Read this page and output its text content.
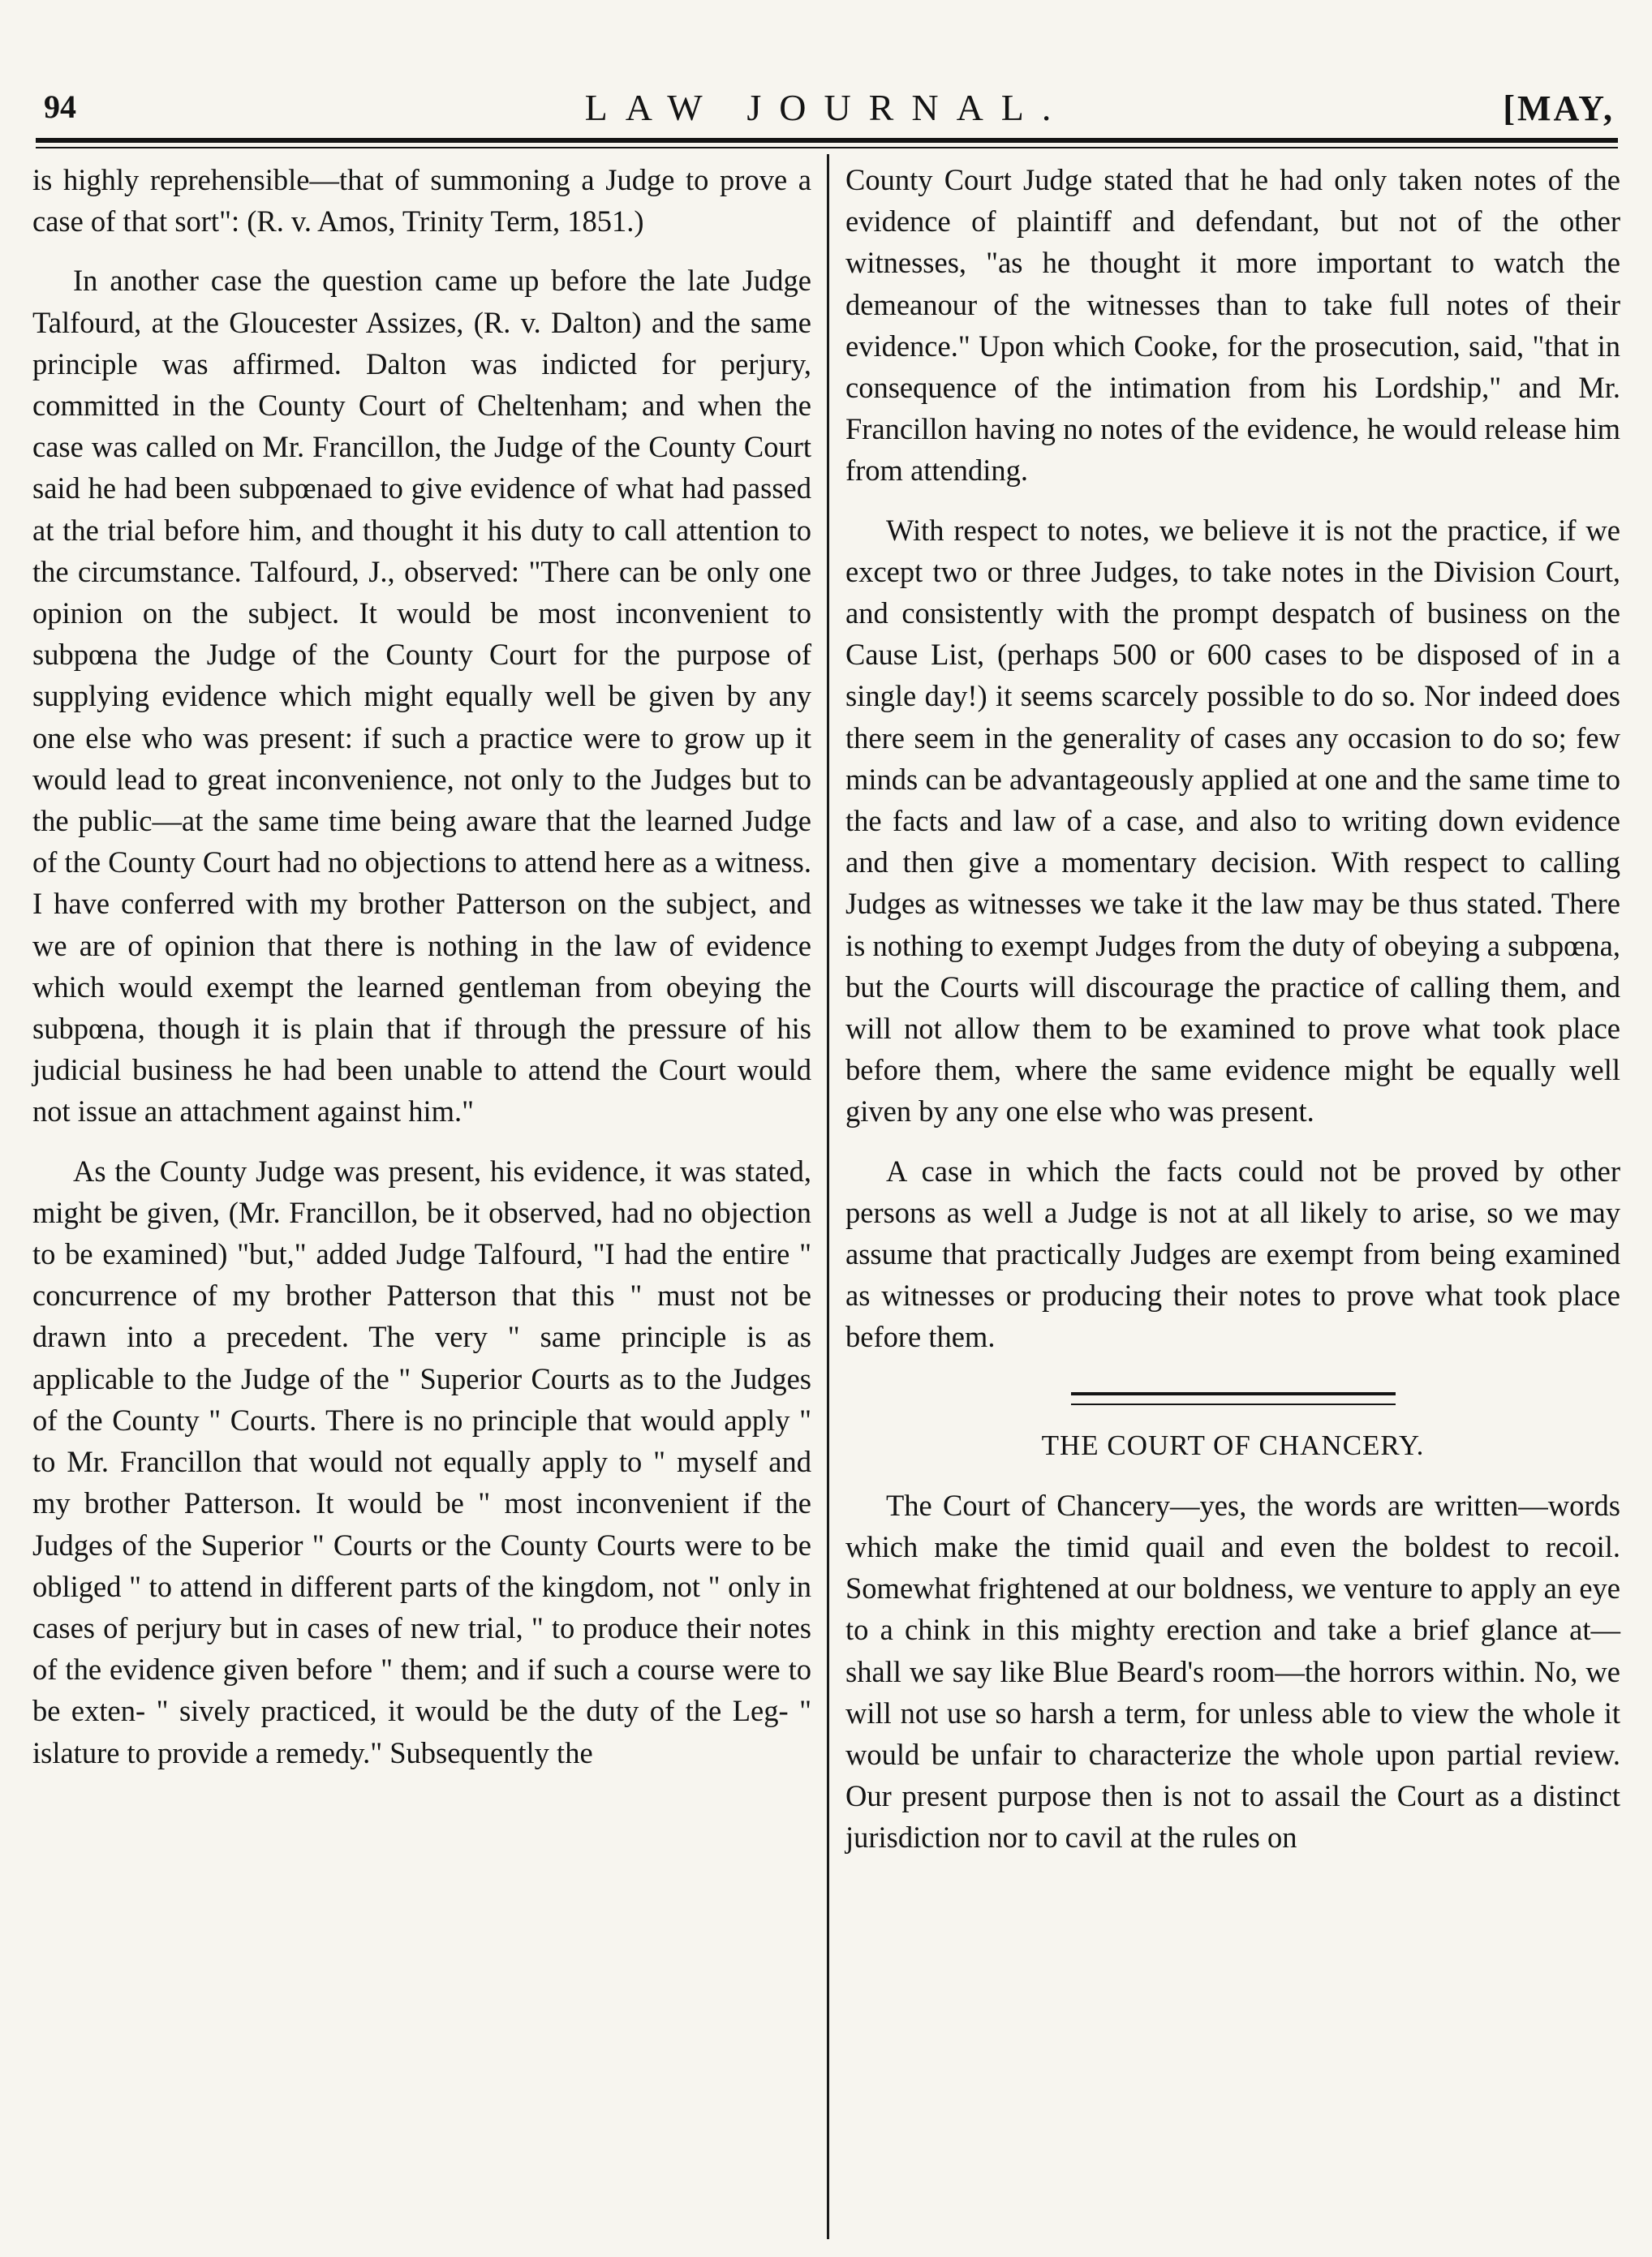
94	LAW JOURNAL.	[MAY,

is highly reprehensible—that of summoning a Judge to prove a case of that sort": (R. v. Amos, Trinity Term, 1851.)

In another case the question came up before the late Judge Talfourd, at the Gloucester Assizes, (R. v. Dalton) and the same principle was affirmed. Dalton was indicted for perjury, committed in the County Court of Cheltenham; and when the case was called on Mr. Francillon, the Judge of the County Court said he had been subpœnaed to give evidence of what had passed at the trial before him, and thought it his duty to call attention to the circumstance. Talfourd, J., observed: "There can be only one opinion on the subject. It would be most inconvenient to subpœna the Judge of the County Court for the purpose of supplying evidence which might equally well be given by any one else who was present: if such a practice were to grow up it would lead to great inconvenience, not only to the Judges but to the public—at the same time being aware that the learned Judge of the County Court had no objections to attend here as a witness. I have conferred with my brother Patterson on the subject, and we are of opinion that there is nothing in the law of evidence which would exempt the learned gentleman from obeying the subpœna, though it is plain that if through the pressure of his judicial business he had been unable to attend the Court would not issue an attachment against him."

As the County Judge was present, his evidence, it was stated, might be given, (Mr. Francillon, be it observed, had no objection to be examined) "but," added Judge Talfourd, "I had the entire " concurrence of my brother Patterson that this " must not be drawn into a precedent. The very " same principle is as applicable to the Judge of the " Superior Courts as to the Judges of the County " Courts. There is no principle that would apply " to Mr. Francillon that would not equally apply to " myself and my brother Patterson. It would be " most inconvenient if the Judges of the Superior " Courts or the County Courts were to be obliged " to attend in different parts of the kingdom, not " only in cases of perjury but in cases of new trial, " to produce their notes of the evidence given before " them; and if such a course were to be exten- " sively practiced, it would be the duty of the Leg- " islature to provide a remedy." Subsequently the

County Court Judge stated that he had only taken notes of the evidence of plaintiff and defendant, but not of the other witnesses, "as he thought it more important to watch the demeanour of the witnesses than to take full notes of their evidence." Upon which Cooke, for the prosecution, said, "that in consequence of the intimation from his Lordship," and Mr. Francillon having no notes of the evidence, he would release him from attending.

With respect to notes, we believe it is not the practice, if we except two or three Judges, to take notes in the Division Court, and consistently with the prompt despatch of business on the Cause List, (perhaps 500 or 600 cases to be disposed of in a single day!) it seems scarcely possible to do so. Nor indeed does there seem in the generality of cases any occasion to do so; few minds can be advantageously applied at one and the same time to the facts and law of a case, and also to writing down evidence and then give a momentary decision. With respect to calling Judges as witnesses we take it the law may be thus stated. There is nothing to exempt Judges from the duty of obeying a subpœna, but the Courts will discourage the practice of calling them, and will not allow them to be examined to prove what took place before them, where the same evidence might be equally well given by any one else who was present.

A case in which the facts could not be proved by other persons as well a Judge is not at all likely to arise, so we may assume that practically Judges are exempt from being examined as witnesses or producing their notes to prove what took place before them.

THE COURT OF CHANCERY.

The Court of Chancery—yes, the words are written—words which make the timid quail and even the boldest to recoil. Somewhat frightened at our boldness, we venture to apply an eye to a chink in this mighty erection and take a brief glance at—shall we say like Blue Beard's room—the horrors within. No, we will not use so harsh a term, for unless able to view the whole it would be unfair to characterize the whole upon partial review. Our present purpose then is not to assail the Court as a distinct jurisdiction nor to cavil at the rules on
